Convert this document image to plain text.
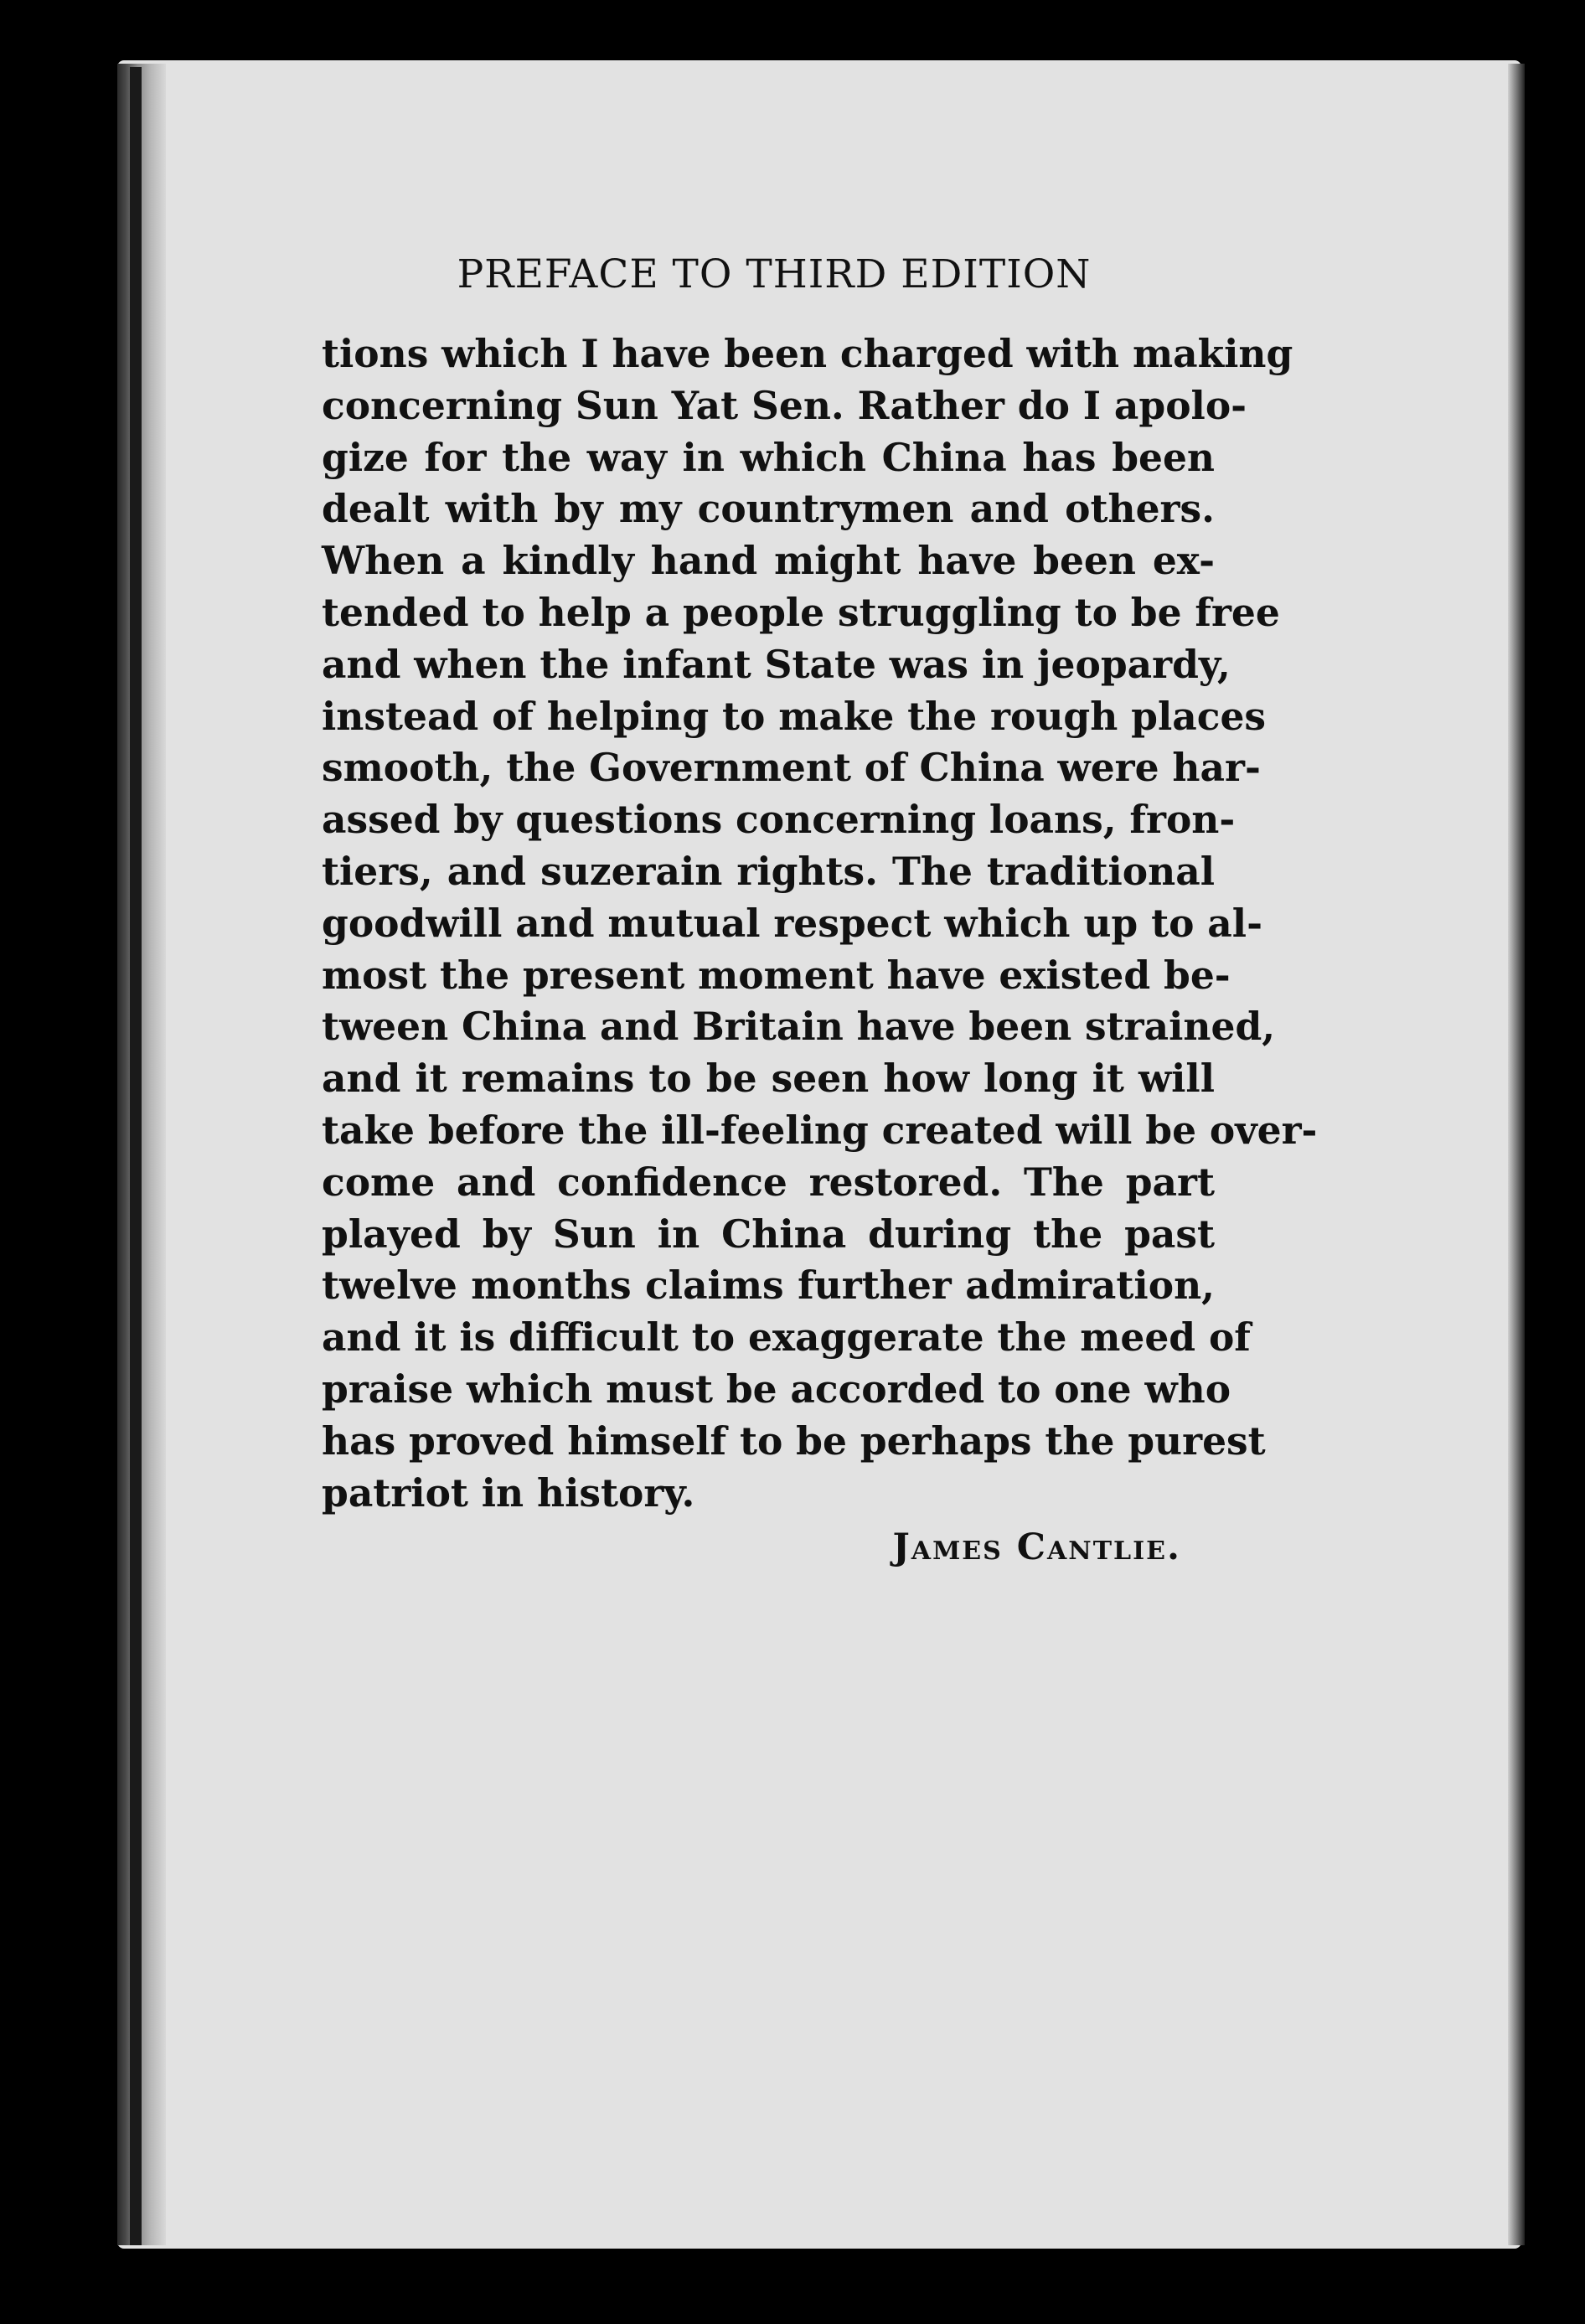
PREFACE TO THIRD EDITION

tions which I have been charged with making
concerning Sun Yat Sen. Rather do I apolo-
gize for the way in which China has been
dealt with by my countrymen and others.
When a kindly hand might have been ex-
tended to help a people struggling to be free
and when the infant State was in jeopardy,
instead of helping to make the rough places
smooth, the Government of China were har-
assed by questions concerning loans, fron-
tiers, and suzerain rights. The traditional
goodwill and mutual respect which up to al-
most the present moment have existed be-
tween China and Britain have been strained,
and it remains to be seen how long it will
take before the ill-feeling created will be over-
come and confidence restored. The part
played by Sun in China during the past
twelve months claims further admiration,
and it is difficult to exaggerate the meed of
praise which must be accorded to one who
has proved himself to be perhaps the purest
patriot in history.

James Cantlie.
